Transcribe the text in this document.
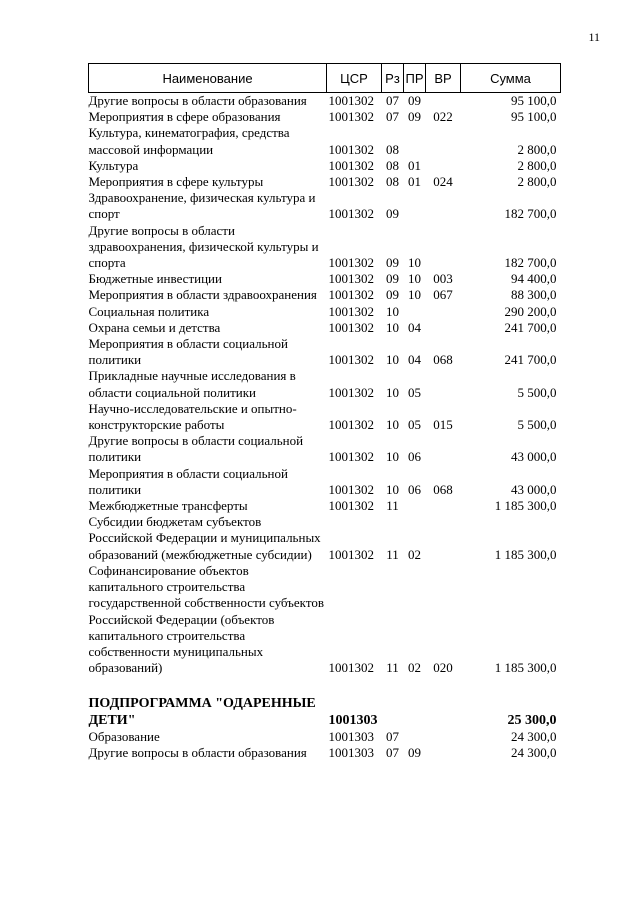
11
Наименование	ЦСР	Рз	ПР	ВР	Сумма
Другие вопросы в области образования	1001302	07	09		95 100,0
Мероприятия в сфере образования	1001302	07	09	022	95 100,0
Культура, кинематография, средства массовой информации	1001302	08			2 800,0
Культура	1001302	08	01		2 800,0
Мероприятия в сфере культуры	1001302	08	01	024	2 800,0
Здравоохранение, физическая культура и спорт	1001302	09			182 700,0
Другие вопросы в области здравоохранения, физической культуры и спорта	1001302	09	10		182 700,0
Бюджетные инвестиции	1001302	09	10	003	94 400,0
Мероприятия в области здравоохранения	1001302	09	10	067	88 300,0
Социальная политика	1001302	10			290 200,0
Охрана семьи и детства	1001302	10	04		241 700,0
Мероприятия в области социальной политики	1001302	10	04	068	241 700,0
Прикладные научные исследования в области социальной политики	1001302	10	05		5 500,0
Научно-исследовательские и опытно-конструкторские работы	1001302	10	05	015	5 500,0
Другие вопросы в области социальной политики	1001302	10	06		43 000,0
Мероприятия в области социальной политики	1001302	10	06	068	43 000,0
Межбюджетные трансферты	1001302	11			1 185 300,0
Субсидии бюджетам субъектов Российской Федерации и муниципальных образований (межбюджетные субсидии)	1001302	11	02		1 185 300,0
Софинансирование объектов капитального строительства государственной собственности субъектов Российской Федерации (объектов капитального строительства собственности муниципальных образований)	1001302	11	02	020	1 185 300,0
ПОДПРОГРАММА "ОДАРЕННЫЕ ДЕТИ"	1001303				25 300,0
Образование	1001303	07			24 300,0
Другие вопросы в области образования	1001303	07	09		24 300,0
